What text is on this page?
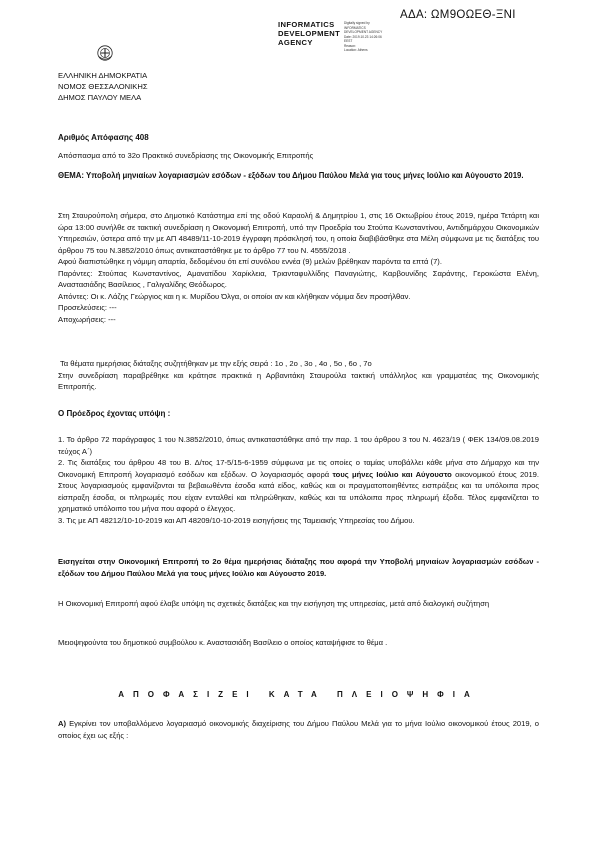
ΑΔΑ: ΩΜ9ΟΩΕΘ-ΞΝΙ
INFORMATICS
DEVELOPMENT
AGENCY
Digitally signed by
INFORMATICS
DEVELOPMENT AGENCY
Date: 2019.10.23 14:26:06
EEST
Reason:
Location: Athens
ΕΛΛΗΝΙΚΗ ΔΗΜΟΚΡΑΤΙΑ
ΝΟΜΟΣ ΘΕΣΣΑΛΟΝΙΚΗΣ
ΔΗΜΟΣ ΠΑΥΛΟΥ ΜΕΛΑ
Αριθμός Απόφασης 408
Απόσπασμα από το 32ο Πρακτικό συνεδρίασης της Οικονομικής Επιτροπής
ΘΕΜΑ: Υποβολή μηνιαίων λογαριασμών εσόδων - εξόδων του Δήμου Παύλου Μελά για τους μήνες Ιούλιο και Αύγουστο 2019.

Στη Σταυρούπολη σήμερα, στο Δημοτικό Κατάστημα επί της οδού Καραολή & Δημητρίου 1, στις 16 Οκτωβρίου έτους 2019, ημέρα Τετάρτη και ώρα 13:00 συνήλθε σε τακτική συνεδρίαση η Οικονομική Επιτροπή, υπό την Προεδρία του Στούπα Κωνσταντίνου, Αντιδημάρχου Οικονομικών Υπηρεσιών, ύστερα από την με ΑΠ 48489/11-10-2019 έγγραφη πρόσκλησή του, η οποία διαβιβάσθηκε στα Μέλη σύμφωνα με τις διατάξεις του άρθρου 75 του Ν.3852/2010 όπως αντικαταστάθηκε με το άρθρο 77 του Ν. 4555/2018 .

Αφού διαπιστώθηκε η νόμιμη απαρτία, δεδομένου ότι επί συνόλου εννέα (9) μελών βρέθηκαν παρόντα τα επτά (7).

Παρόντες: Στούπας Κωνσταντίνος, Αμανατίδου Χαρίκλεια, Τριανταφυλλίδης Παναγιώτης, Καρβουνίδης Σαράντης, Γεροκώστα Ελένη, Αναστασιάδης Βασίλειος , Γαλιγαλίδης Θεόδωρος.

Απόντες: Οι κ. Λάζης Γεώργιος και η κ. Μυρίδου Όλγα, οι οποίοι αν και κλήθηκαν νόμιμα δεν προσήλθαν.

Προσελεύσεις: ---

Αποχωρήσεις: ---

Τα θέματα ημερήσιας διάταξης συζητήθηκαν με την εξής σειρά : 1ο , 2ο , 3ο , 4ο , 5ο , 6ο , 7ο

Στην συνεδρίαση παραβρέθηκε και κράτησε πρακτικά η Αρβανιτάκη Σταυρούλα τακτική υπάλληλος και γραμματέας της Οικονομικής Επιτροπής.

Ο Πρόεδρος έχοντας υπόψη :

1. Το άρθρο 72 παράγραφος 1 του Ν.3852/2010, όπως αντικαταστάθηκε από την παρ. 1 του άρθρου 3 του Ν. 4623/19 ( ΦΕΚ 134/09.08.2019 τεύχος Α΄)

2. Τις διατάξεις του άρθρου 48 του Β. Δ/τος 17-5/15-6-1959 σύμφωνα με τις οποίες ο ταμίας υποβάλλει κάθε μήνα στο Δήμαρχο και την Οικονομική Επιτροπή λογαριασμό εσόδων και εξόδων. Ο λογαριασμός αφορά τους μήνες Ιούλιο και Αύγουστο οικονομικού έτους 2019. Στους λογαριασμούς εμφανίζονται τα βεβαιωθέντα έσοδα κατά είδος, καθώς και οι πραγματοποιηθέντες εισπράξεις και τα υπόλοιπα προς είσπραξη έσοδα, οι πληρωμές που είχαν ενταλθεί και πληρώθηκαν, καθώς και τα υπόλοιπα προς πληρωμή έξοδα. Τέλος εμφανίζεται το χρηματικό υπόλοιπο του μήνα που αφορά ο έλεγχος.

3. Τις με ΑΠ 48212/10-10-2019 και ΑΠ 48209/10-10-2019 εισηγήσεις της Ταμειακής Υπηρεσίας του Δήμου.

Εισηγείται στην Οικονομική Επιτροπή το 2ο θέμα ημερήσιας διάταξης που αφορά την Υποβολή μηνιαίων λογαριασμών εσόδων - εξόδων του Δήμου Παύλου Μελά για τους μήνες Ιούλιο και Αύγουστο 2019.
Η Οικονομική Επιτροπή αφού έλαβε υπόψη τις σχετικές διατάξεις και την εισήγηση της υπηρεσίας, μετά από διαλογική συζήτηση
Μειοψηφούντα του δημοτικού συμβούλου κ. Αναστασιάδη Βασίλειο ο οποίος καταψήφισε το θέμα .
ΑΠΟΦΑΣΙΖΕΙ ΚΑΤΑ ΠΛΕΙΟΨΗΦΙΑ

Α) Εγκρίνει τον υποβαλλόμενο λογαριασμό οικονομικής διαχείρισης του Δήμου Παύλου Μελά για το μήνα Ιούλιο οικονομικού έτους 2019, ο οποίος έχει ως εξής :
